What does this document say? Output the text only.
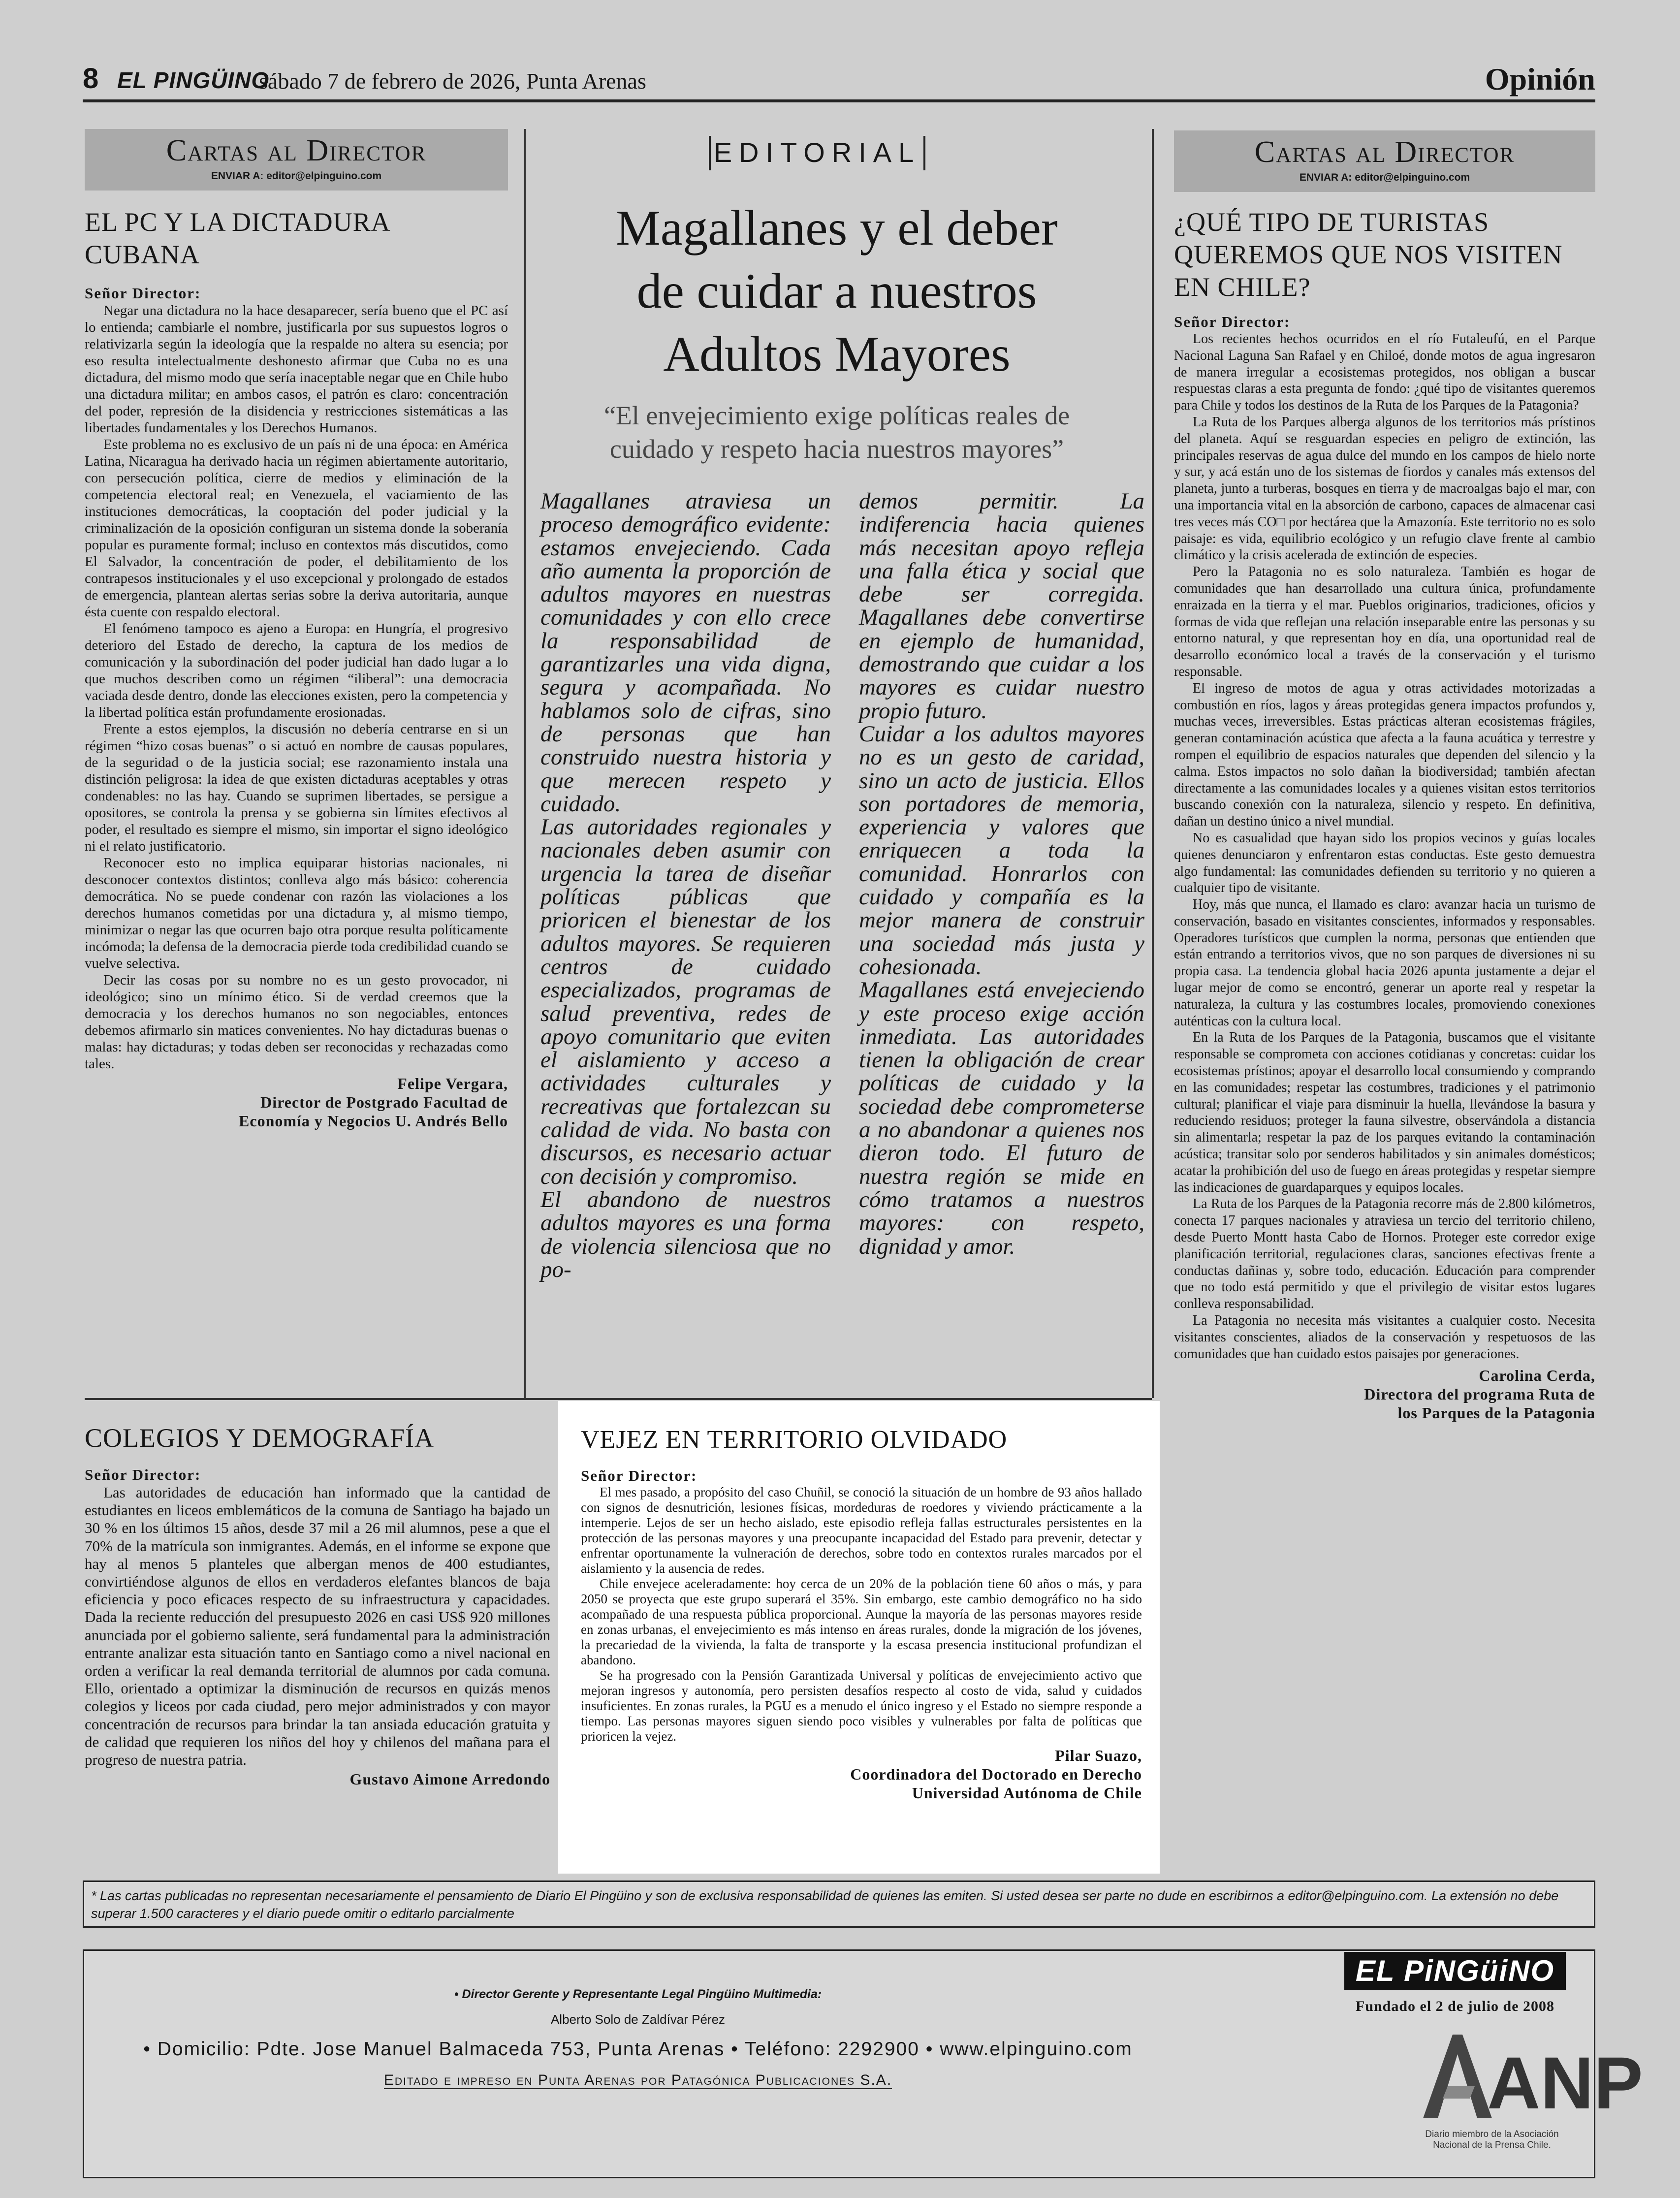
8 EL PINGÜINO
sábado 7 de febrero de 2026, Punta Arenas	Opinión
Cartas al Director
ENVIAR A: editor@elpinguino.com
EL PC Y LA DICTADURA CUBANA
Señor Director:

Negar una dictadura no la hace desaparecer, sería bueno que el PC así lo entienda; cambiarle el nombre, justificarla por sus supuestos logros o relativizarla según la ideología que la respalde no altera su esencia; por eso resulta intelectualmente deshonesto afirmar que Cuba no es una dictadura, del mismo modo que sería inaceptable negar que en Chile hubo una dictadura militar; en ambos casos, el patrón es claro: concentración del poder, represión de la disidencia y restricciones sistemáticas a las libertades fundamentales y los Derechos Humanos.

Este problema no es exclusivo de un país ni de una época: en América Latina, Nicaragua ha derivado hacia un régimen abiertamente autoritario, con persecución política, cierre de medios y eliminación de la competencia electoral real; en Venezuela, el vaciamiento de las instituciones democráticas, la cooptación del poder judicial y la criminalización de la oposición configuran un sistema donde la soberanía popular es puramente formal; incluso en contextos más discutidos, como El Salvador, la concentración de poder, el debilitamiento de los contrapesos institucionales y el uso excepcional y prolongado de estados de emergencia, plantean alertas serias sobre la deriva autoritaria, aunque ésta cuente con respaldo electoral.

El fenómeno tampoco es ajeno a Europa: en Hungría, el progresivo deterioro del Estado de derecho, la captura de los medios de comunicación y la subordinación del poder judicial han dado lugar a lo que muchos describen como un régimen “iliberal”: una democracia vaciada desde dentro, donde las elecciones existen, pero la competencia y la libertad política están profundamente erosionadas.

Frente a estos ejemplos, la discusión no debería centrarse en si un régimen “hizo cosas buenas” o si actuó en nombre de causas populares, de la seguridad o de la justicia social; ese razonamiento instala una distinción peligrosa: la idea de que existen dictaduras aceptables y otras condenables: no las hay. Cuando se suprimen libertades, se persigue a opositores, se controla la prensa y se gobierna sin límites efectivos al poder, el resultado es siempre el mismo, sin importar el signo ideológico ni el relato justificatorio.

Reconocer esto no implica equiparar historias nacionales, ni desconocer contextos distintos; conlleva algo más básico: coherencia democrática. No se puede condenar con razón las violaciones a los derechos humanos cometidas por una dictadura y, al mismo tiempo, minimizar o negar las que ocurren bajo otra porque resulta políticamente incómoda; la defensa de la democracia pierde toda credibilidad cuando se vuelve selectiva.

Decir las cosas por su nombre no es un gesto provocador, ni ideológico; sino un mínimo ético. Si de verdad creemos que la democracia y los derechos humanos no son negociables, entonces debemos afirmarlo sin matices convenientes. No hay dictaduras buenas o malas: hay dictaduras; y todas deben ser reconocidas y rechazadas como tales.

Felipe Vergara,
Director de Postgrado Facultad de
Economía y Negocios U. Andrés Bello
EDITORIAL
Magallanes y el deber
de cuidar a nuestros
Adultos Mayores
“El envejecimiento exige políticas reales de
cuidado y respeto hacia nuestros mayores”

Magallanes atraviesa un proceso demográfico evidente: estamos envejeciendo. Cada año aumenta la proporción de adultos mayores en nuestras comunidades y con ello crece la responsabilidad de garantizarles una vida digna, segura y acompañada. No hablamos solo de cifras, sino de personas que han construido nuestra historia y que merecen respeto y cuidado.

Las autoridades regionales y nacionales deben asumir con urgencia la tarea de diseñar políticas públicas que prioricen el bienestar de los adultos mayores. Se requieren centros de cuidado especializados, programas de salud preventiva, redes de apoyo comunitario que eviten el aislamiento y acceso a actividades culturales y recreativas que fortalezcan su calidad de vida. No basta con discursos, es necesario actuar con decisión y compromiso.

El abandono de nuestros adultos mayores es una forma de violencia silenciosa que no po-

demos permitir. La indiferencia hacia quienes más necesitan apoyo refleja una falla ética y social que debe ser corregida. Magallanes debe convertirse en ejemplo de humanidad, demostrando que cuidar a los mayores es cuidar nuestro propio futuro.

Cuidar a los adultos mayores no es un gesto de caridad, sino un acto de justicia. Ellos son portadores de memoria, experiencia y valores que enriquecen a toda la comunidad. Honrarlos con cuidado y compañía es la mejor manera de construir una sociedad más justa y cohesionada.

Magallanes está envejeciendo y este proceso exige acción inmediata. Las autoridades tienen la obligación de crear políticas de cuidado y la sociedad debe comprometerse a no abandonar a quienes nos dieron todo. El futuro de nuestra región se mide en cómo tratamos a nuestros mayores: con respeto, dignidad y amor.

Cartas al Director
ENVIAR A: editor@elpinguino.com
¿QUÉ TIPO DE TURISTAS
QUEREMOS QUE NOS VISITEN
EN CHILE?
Señor Director:

Los recientes hechos ocurridos en el río Futaleufú, en el Parque Nacional Laguna San Rafael y en Chiloé, donde motos de agua ingresaron de manera irregular a ecosistemas protegidos, nos obligan a buscar respuestas claras a esta pregunta de fondo: ¿qué tipo de visitantes queremos para Chile y todos los destinos de la Ruta de los Parques de la Patagonia?

La Ruta de los Parques alberga algunos de los territorios más prístinos del planeta. Aquí se resguardan especies en peligro de extinción, las principales reservas de agua dulce del mundo en los campos de hielo norte y sur, y acá están uno de los sistemas de fiordos y canales más extensos del planeta, junto a turberas, bosques en tierra y de macroalgas bajo el mar, con una importancia vital en la absorción de carbono, capaces de almacenar casi tres veces más CO□ por hectárea que la Amazonía. Este territorio no es solo paisaje: es vida, equilibrio ecológico y un refugio clave frente al cambio climático y la crisis acelerada de extinción de especies.

Pero la Patagonia no es solo naturaleza. También es hogar de comunidades que han desarrollado una cultura única, profundamente enraizada en la tierra y el mar. Pueblos originarios, tradiciones, oficios y formas de vida que reflejan una relación inseparable entre las personas y su entorno natural, y que representan hoy en día, una oportunidad real de desarrollo económico local a través de la conservación y el turismo responsable.

El ingreso de motos de agua y otras actividades motorizadas a combustión en ríos, lagos y áreas protegidas genera impactos profundos y, muchas veces, irreversibles. Estas prácticas alteran ecosistemas frágiles, generan contaminación acústica que afecta a la fauna acuática y terrestre y rompen el equilibrio de espacios naturales que dependen del silencio y la calma. Estos impactos no solo dañan la biodiversidad; también afectan directamente a las comunidades locales y a quienes visitan estos territorios buscando conexión con la naturaleza, silencio y respeto. En definitiva, dañan un destino único a nivel mundial.

No es casualidad que hayan sido los propios vecinos y guías locales quienes denunciaron y enfrentaron estas conductas. Este gesto demuestra algo fundamental: las comunidades defienden su territorio y no quieren a cualquier tipo de visitante.

Hoy, más que nunca, el llamado es claro: avanzar hacia un turismo de conservación, basado en visitantes conscientes, informados y responsables. Operadores turísticos que cumplen la norma, personas que entienden que están entrando a territorios vivos, que no son parques de diversiones ni su propia casa. La tendencia global hacia 2026 apunta justamente a dejar el lugar mejor de como se encontró, generar un aporte real y respetar la naturaleza, la cultura y las costumbres locales, promoviendo conexiones auténticas con la cultura local.

En la Ruta de los Parques de la Patagonia, buscamos que el visitante responsable se comprometa con acciones cotidianas y concretas: cuidar los ecosistemas prístinos; apoyar el desarrollo local consumiendo y comprando en las comunidades; respetar las costumbres, tradiciones y el patrimonio cultural; planificar el viaje para disminuir la huella, llevándose la basura y reduciendo residuos; proteger la fauna silvestre, observándola a distancia sin alimentarla; respetar la paz de los parques evitando la contaminación acústica; transitar solo por senderos habilitados y sin animales domésticos; acatar la prohibición del uso de fuego en áreas protegidas y respetar siempre las indicaciones de guardaparques y equipos locales.

La Ruta de los Parques de la Patagonia recorre más de 2.800 kilómetros, conecta 17 parques nacionales y atraviesa un tercio del territorio chileno, desde Puerto Montt hasta Cabo de Hornos. Proteger este corredor exige planificación territorial, regulaciones claras, sanciones efectivas frente a conductas dañinas y, sobre todo, educación. Educación para comprender que no todo está permitido y que el privilegio de visitar estos lugares conlleva responsabilidad.

La Patagonia no necesita más visitantes a cualquier costo. Necesita visitantes conscientes, aliados de la conservación y respetuosos de las comunidades que han cuidado estos paisajes por generaciones.

Carolina Cerda,
Directora del programa Ruta de
los Parques de la Patagonia
COLEGIOS Y DEMOGRAFÍA
Señor Director:

Las autoridades de educación han informado que la cantidad de estudiantes en liceos emblemáticos de la comuna de Santiago ha bajado un 30 % en los últimos 15 años, desde 37 mil a 26 mil alumnos, pese a que el 70% de la matrícula son inmigrantes. Además, en el informe se expone que hay al menos 5 planteles que albergan menos de 400 estudiantes, convirtiéndose algunos de ellos en verdaderos elefantes blancos de baja eficiencia y poco eficaces respecto de su infraestructura y capacidades. Dada la reciente reducción del presupuesto 2026 en casi US$ 920 millones anunciada por el gobierno saliente, será fundamental para la administración entrante analizar esta situación tanto en Santiago como a nivel nacional en orden a verificar la real demanda territorial de alumnos por cada comuna. Ello, orientado a optimizar la disminución de recursos en quizás menos colegios y liceos por cada ciudad, pero mejor administrados y con mayor concentración de recursos para brindar la tan ansiada educación gratuita y de calidad que requieren los niños del hoy y chilenos del mañana para el progreso de nuestra patria.

Gustavo Aimone Arredondo
VEJEZ EN TERRITORIO OLVIDADO
Señor Director:

El mes pasado, a propósito del caso Chuñil, se conoció la situación de un hombre de 93 años hallado con signos de desnutrición, lesiones físicas, mordeduras de roedores y viviendo prácticamente a la intemperie. Lejos de ser un hecho aislado, este episodio refleja fallas estructurales persistentes en la protección de las personas mayores y una preocupante incapacidad del Estado para prevenir, detectar y enfrentar oportunamente la vulneración de derechos, sobre todo en contextos rurales marcados por el aislamiento y la ausencia de redes.

Chile envejece aceleradamente: hoy cerca de un 20% de la población tiene 60 años o más, y para 2050 se proyecta que este grupo superará el 35%. Sin embargo, este cambio demográfico no ha sido acompañado de una respuesta pública proporcional. Aunque la mayoría de las personas mayores reside en zonas urbanas, el envejecimiento es más intenso en áreas rurales, donde la migración de los jóvenes, la precariedad de la vivienda, la falta de transporte y la escasa presencia institucional profundizan el abandono.

Se ha progresado con la Pensión Garantizada Universal y políticas de envejecimiento activo que mejoran ingresos y autonomía, pero persisten desafíos respecto al costo de vida, salud y cuidados insuficientes. En zonas rurales, la PGU es a menudo el único ingreso y el Estado no siempre responde a tiempo. Las personas mayores siguen siendo poco visibles y vulnerables por falta de políticas que prioricen la vejez.

Pilar Suazo,
Coordinadora del Doctorado en Derecho
Universidad Autónoma de Chile
* Las cartas publicadas no representan necesariamente el pensamiento de Diario El Pingüino y son de exclusiva responsabilidad de quienes las emiten. Si usted desea ser parte no dude en escribirnos a editor@elpinguino.com. La extensión no debe superar 1.500 caracteres y el diario puede omitir o editarlo parcialmente
• Director Gerente y Representante Legal Pingüino Multimedia:
Alberto Solo de Zaldívar Pérez
• Domicilio: Pdte. Jose Manuel Balmaceda 753, Punta Arenas • Teléfono: 2292900 • www.elpinguino.com
Editado e impreso en Punta Arenas por Patagónica Publicaciones S.A.
EL PiNGüiNO
Fundado el 2 de julio de 2008
ANP
Diario miembro de la Asociación Nacional de la Prensa Chile.
